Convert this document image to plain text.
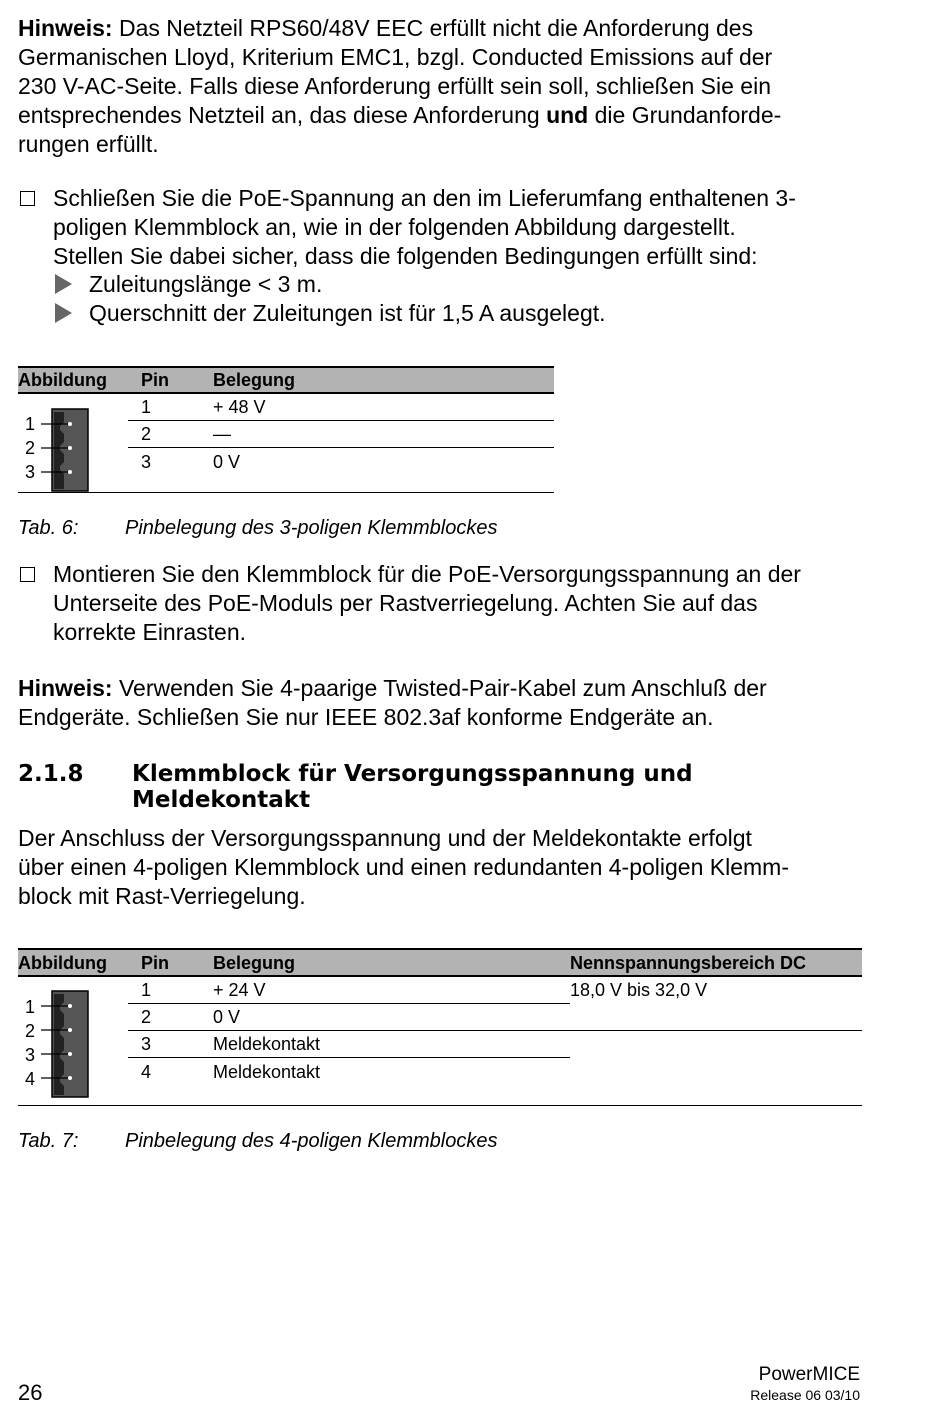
Hinweis: Das Netzteil RPS60/48V EEC erfüllt nicht die Anforderung des
Germanischen Lloyd, Kriterium EMC1, bzgl. Conducted Emissions auf der
230 V-AC-Seite. Falls diese Anforderung erfüllt sein soll, schließen Sie ein
entsprechendes Netzteil an, das diese Anforderung und die Grundanforde-
rungen erfüllt.
Schließen Sie die PoE-Spannung an den im Lieferumfang enthaltenen 3-
poligen Klemmblock an, wie in der folgenden Abbildung dargestellt.
Stellen Sie dabei sicher, dass die folgenden Bedingungen erfüllt sind:
Zuleitungslänge < 3 m.
Querschnitt der Zuleitungen ist für 1,5 A ausgelegt.
Abbildung Pin Belegung
1
2
3
1	+ 48 V
2	—
3	0 V
Tab. 6: Pinbelegung des 3-poligen Klemmblockes
Montieren Sie den Klemmblock für die PoE-Versorgungsspannung an der
Unterseite des PoE-Moduls per Rastverriegelung. Achten Sie auf das
korrekte Einrasten.
Hinweis: Verwenden Sie 4-paarige Twisted-Pair-Kabel zum Anschluß der
Endgeräte. Schließen Sie nur IEEE 802.3af konforme Endgeräte an.
2.1.8 Klemmblock für Versorgungsspannung und
Meldekontakt
Der Anschluss der Versorgungsspannung und der Meldekontakte erfolgt
über einen 4-poligen Klemmblock und einen redundanten 4-poligen Klemm-
block mit Rast-Verriegelung.
Abbildung Pin Belegung	Nennspannungsbereich DC
1
2
3
4
1	+ 24 V	18,0 V bis 32,0 V
2	0 V
3	Meldekontakt
4	Meldekontakt
Tab. 7: Pinbelegung des 4-poligen Klemmblockes
26
PowerMICE
Release 06 03/10
